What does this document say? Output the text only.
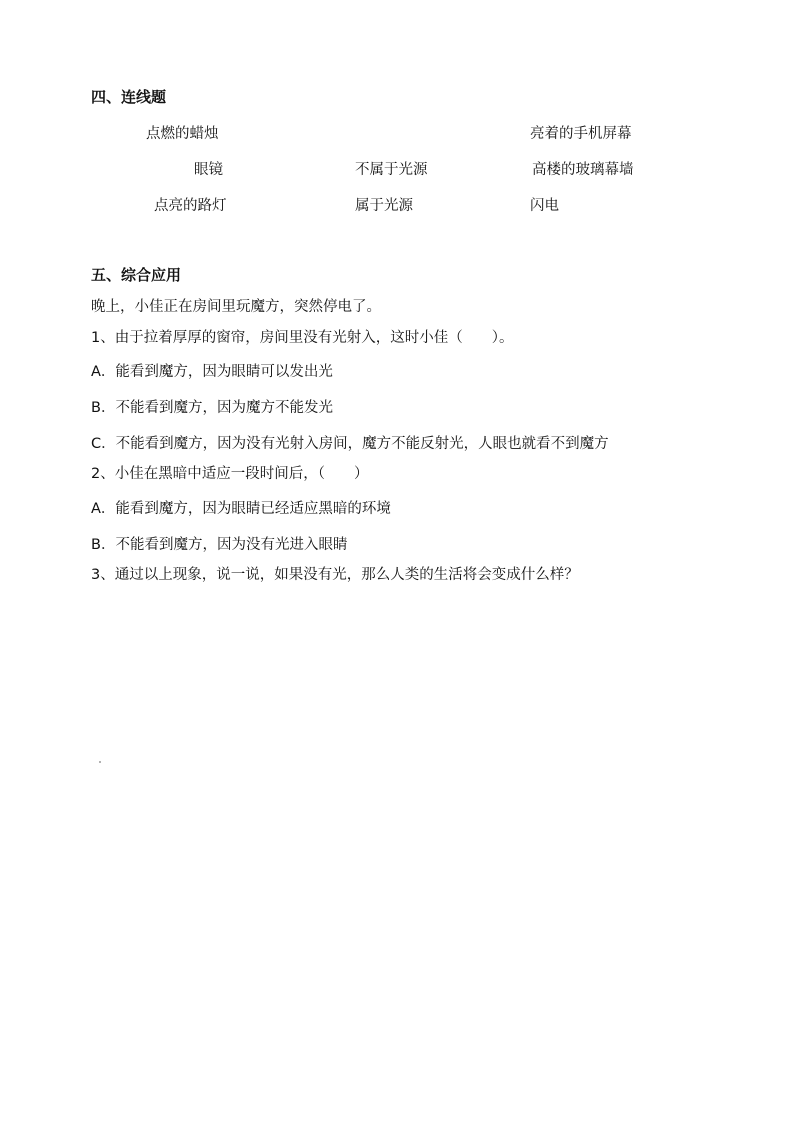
四、连线题
点燃的蜡烛
眼镜
点亮的路灯
不属于光源
属于光源
亮着的手机屏幕
高楼的玻璃幕墙
闪电
五、综合应用
晚上，小佳正在房间里玩魔方，突然停电了。
1、由于拉着厚厚的窗帘，房间里没有光射入，这时小佳（　　）。
A．能看到魔方，因为眼睛可以发出光
B．不能看到魔方，因为魔方不能发光
C．不能看到魔方，因为没有光射入房间，魔方不能反射光，人眼也就看不到魔方
2、小佳在黑暗中适应一段时间后，（　　）
A．能看到魔方，因为眼睛已经适应黑暗的环境
B．不能看到魔方，因为没有光进入眼睛
3、通过以上现象，说一说，如果没有光，那么人类的生活将会变成什么样？
